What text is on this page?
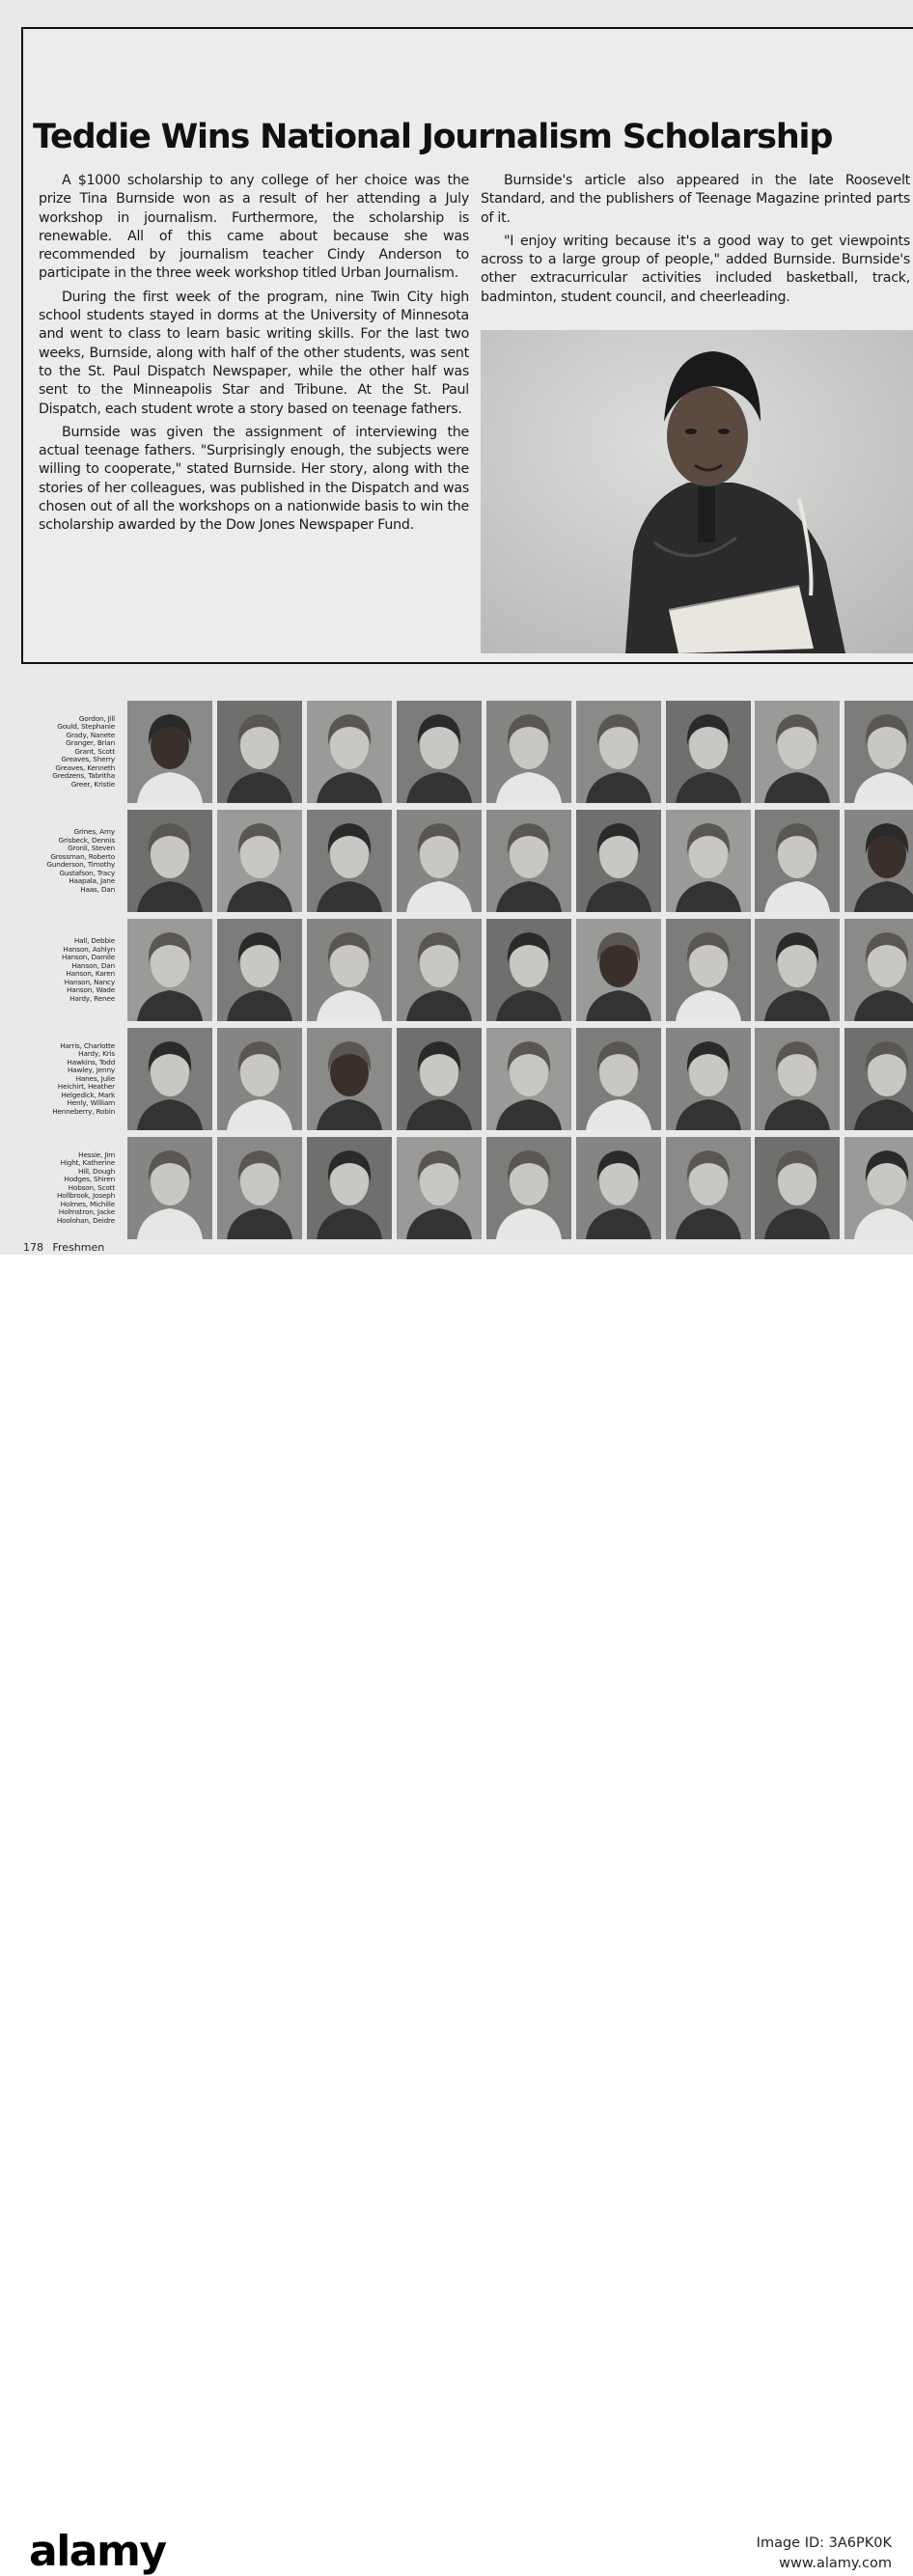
Teddie Wins National Journalism Scholarship

A $1000 scholarship to any college of her choice was the prize Tina Burnside won as a result of her attending a July workshop in journalism. Furthermore, the scholarship is renewable. All of this came about because she was recommended by journalism teacher Cindy Anderson to participate in the three week workshop titled Urban Journalism.

During the first week of the program, nine Twin City high school students stayed in dorms at the University of Minnesota and went to class to learn basic writing skills. For the last two weeks, Burnside, along with half of the other students, was sent to the St. Paul Dispatch Newspaper, while the other half was sent to the Minneapolis Star and Tribune. At the St. Paul Dispatch, each student wrote a story based on teenage fathers.

Burnside was given the assignment of interviewing the actual teenage fathers. "Surprisingly enough, the subjects were willing to cooperate," stated Burnside. Her story, along with the stories of her colleagues, was published in the Dispatch and was chosen out of all the workshops on a nationwide basis to win the scholarship awarded by the Dow Jones Newspaper Fund.

Burnside's article also appeared in the late Roosevelt Standard, and the publishers of Teenage Magazine printed parts of it.

"I enjoy writing because it's a good way to get viewpoints across to a large group of people," added Burnside. Burnside's other extracurricular activities included basketball, track, badminton, student council, and cheerleading.

Gordon, Jill
Gould, Stephanie
Grady, Nanete
Granger, Brian
Grant, Scott
Greaves, Sherry
Greaves, Kenneth
Gredzens, Tabritha
Greer, Kristie
Grines, Amy
Grisbeck, Dennis
Gronli, Steven
Grossman, Roberto
Gunderson, Timothy
Gustafson, Tracy
Haapala, Jane
Haas, Dan
Hall, Debbie
Hanson, Ashlyn
Hanson, Damile
Hanson, Dan
Hanson, Karen
Hanson, Nancy
Hanson, Wade
Hardy, Renee
Harris, Charlotte
Hardy, Kris
Hawkins, Todd
Hawley, Jenny
Hanes, Julie
Heichirt, Heather
Helgedick, Mark
Henly, William
Henneberry, Robin
Hessie, Jim
Hight, Katherine
Hill, Dough
Hodges, Shiren
Hobson, Scott
Hollbrook, Joseph
Holmes, Michille
Holmstron, Jacke
Hoolohan, Deidre
178 Freshmen
alamy	Image ID: 3A6PK0K
www.alamy.com
